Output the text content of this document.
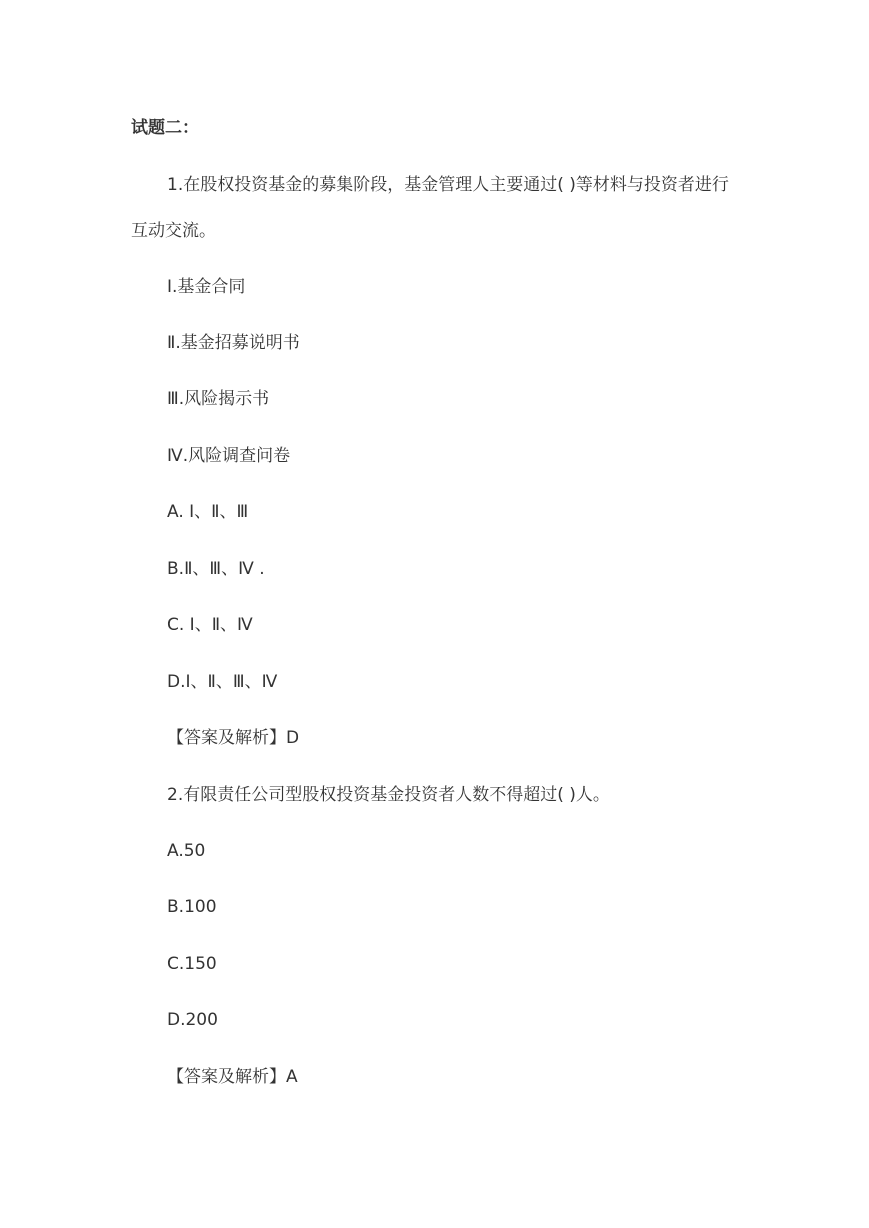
试题二：
1.在股权投资基金的募集阶段，基金管理人主要通过( )等材料与投资者进行
互动交流。
Ⅰ.基金合同
Ⅱ.基金招募说明书
Ⅲ.风险揭示书
Ⅳ.风险调查问卷
A. Ⅰ、Ⅱ、Ⅲ
B.Ⅱ、Ⅲ、Ⅳ .
C. Ⅰ、Ⅱ、Ⅳ
D.Ⅰ、Ⅱ、Ⅲ、Ⅳ
【答案及解析】D
2.有限责任公司型股权投资基金投资者人数不得超过( )人。
A.50
B.100
C.150
D.200
【答案及解析】A
